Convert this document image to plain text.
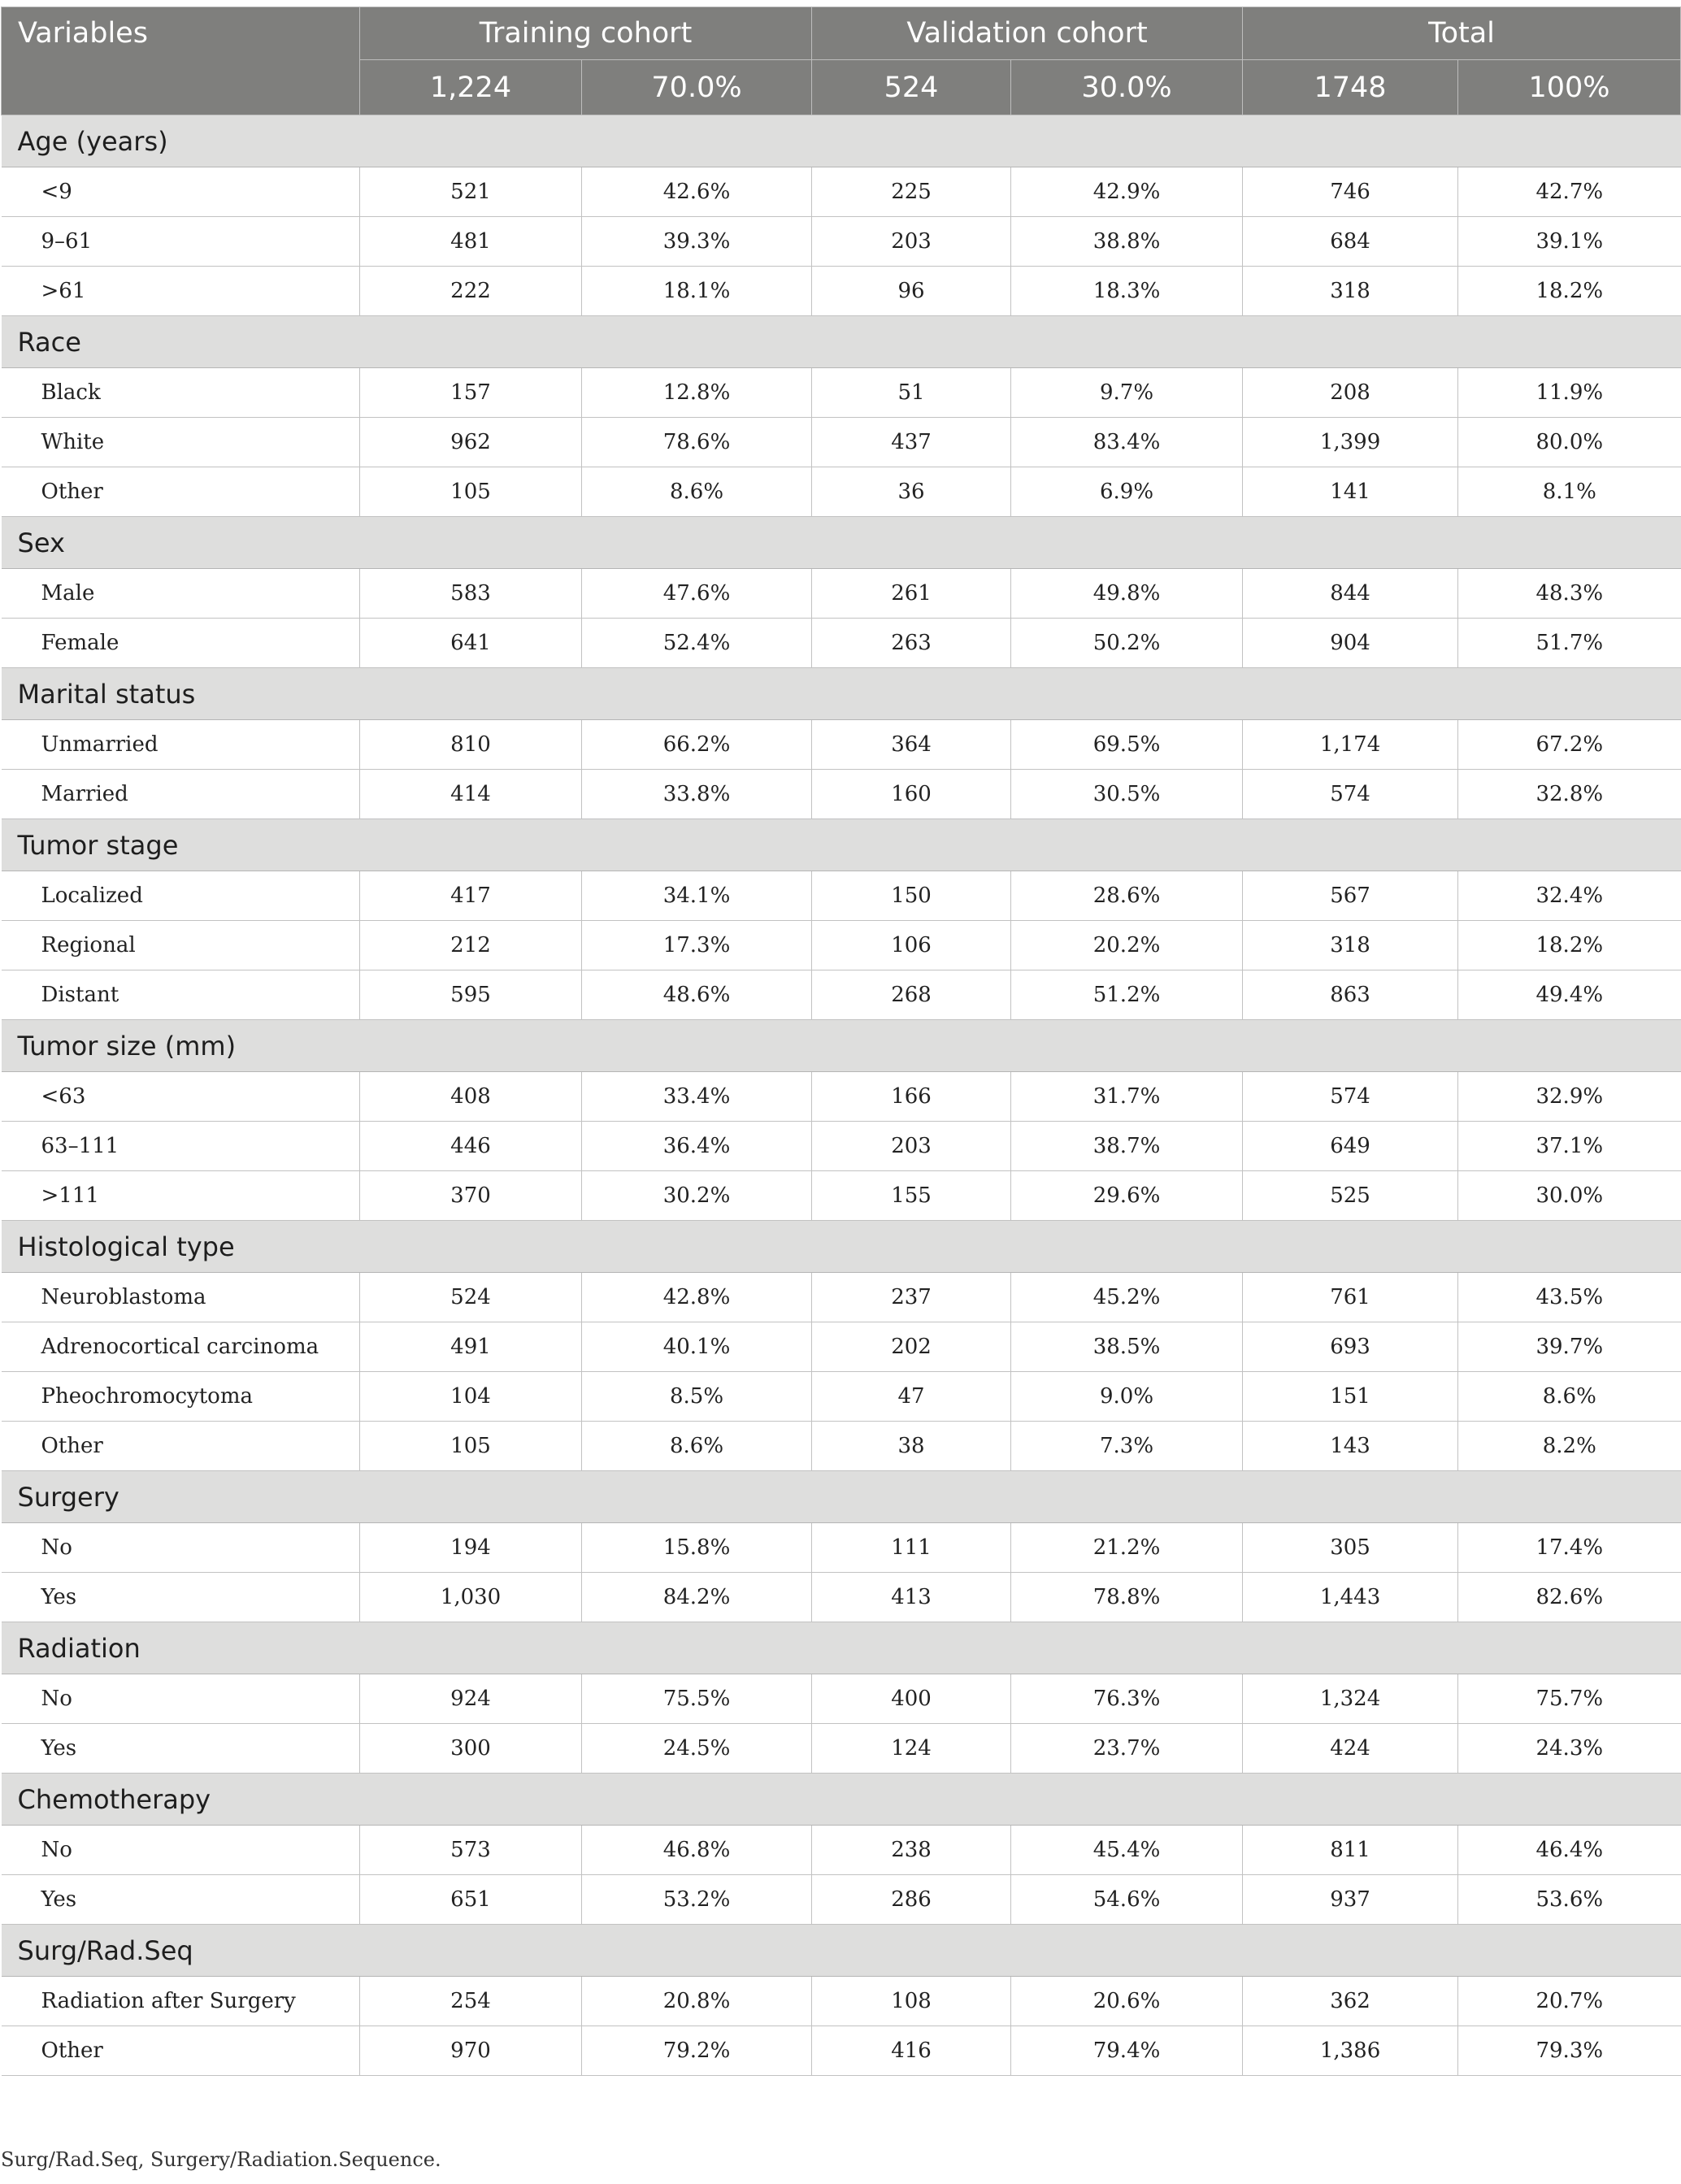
Variables	Training cohort		Validation cohort		Total	
	1,224	70.0%	524	30.0%	1748	100%
Age (years)						
<9	521	42.6%	225	42.9%	746	42.7%
9–61	481	39.3%	203	38.8%	684	39.1%
>61	222	18.1%	96	18.3%	318	18.2%
Race						
Black	157	12.8%	51	9.7%	208	11.9%
White	962	78.6%	437	83.4%	1,399	80.0%
Other	105	8.6%	36	6.9%	141	8.1%
Sex						
Male	583	47.6%	261	49.8%	844	48.3%
Female	641	52.4%	263	50.2%	904	51.7%
Marital status						
Unmarried	810	66.2%	364	69.5%	1,174	67.2%
Married	414	33.8%	160	30.5%	574	32.8%
Tumor stage						
Localized	417	34.1%	150	28.6%	567	32.4%
Regional	212	17.3%	106	20.2%	318	18.2%
Distant	595	48.6%	268	51.2%	863	49.4%
Tumor size (mm)						
<63	408	33.4%	166	31.7%	574	32.9%
63–111	446	36.4%	203	38.7%	649	37.1%
>111	370	30.2%	155	29.6%	525	30.0%
Histological type						
Neuroblastoma	524	42.8%	237	45.2%	761	43.5%
Adrenocortical carcinoma	491	40.1%	202	38.5%	693	39.7%
Pheochromocytoma	104	8.5%	47	9.0%	151	8.6%
Other	105	8.6%	38	7.3%	143	8.2%
Surgery						
No	194	15.8%	111	21.2%	305	17.4%
Yes	1,030	84.2%	413	78.8%	1,443	82.6%
Radiation						
No	924	75.5%	400	76.3%	1,324	75.7%
Yes	300	24.5%	124	23.7%	424	24.3%
Chemotherapy						
No	573	46.8%	238	45.4%	811	46.4%
Yes	651	53.2%	286	54.6%	937	53.6%
Surg/Rad.Seq						
Radiation after Surgery	254	20.8%	108	20.6%	362	20.7%
Other	970	79.2%	416	79.4%	1,386	79.3%
Surg/Rad.Seq, Surgery/Radiation.Sequence.
